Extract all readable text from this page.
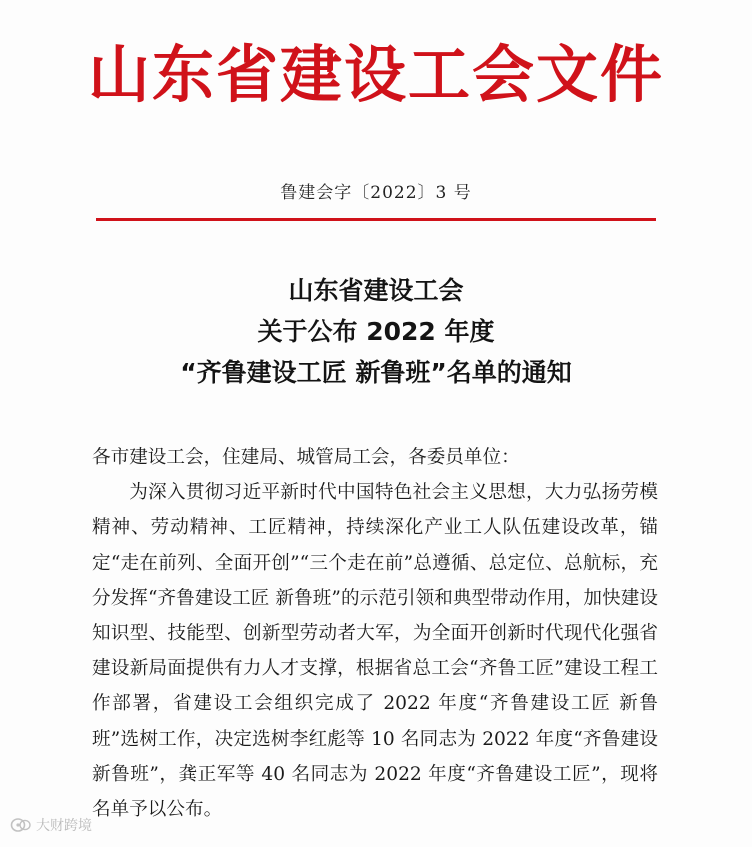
山东省建设工会文件
鲁建会字〔2022〕3 号
山东省建设工会
关于公布 2022 年度
“齐鲁建设工匠 新鲁班”名单的通知
各市建设工会，住建局、城管局工会，各委员单位：
为深入贯彻习近平新时代中国特色社会主义思想，大力弘扬劳模精神、劳动精神、工匠精神，持续深化产业工人队伍建设改革，锚定“走在前列、全面开创”“三个走在前”总遵循、总定位、总航标，充分发挥“齐鲁建设工匠 新鲁班”的示范引领和典型带动作用，加快建设知识型、技能型、创新型劳动者大军，为全面开创新时代现代化强省建设新局面提供有力人才支撑，根据省总工会“齐鲁工匠”建设工程工作部署，省建设工会组织完成了 2022 年度“齐鲁建设工匠 新鲁班”选树工作，决定选树李红彪等 10 名同志为 2022 年度“齐鲁建设新鲁班”，龚正军等 40 名同志为 2022 年度“齐鲁建设工匠”，现将名单予以公布。
大财跨境
